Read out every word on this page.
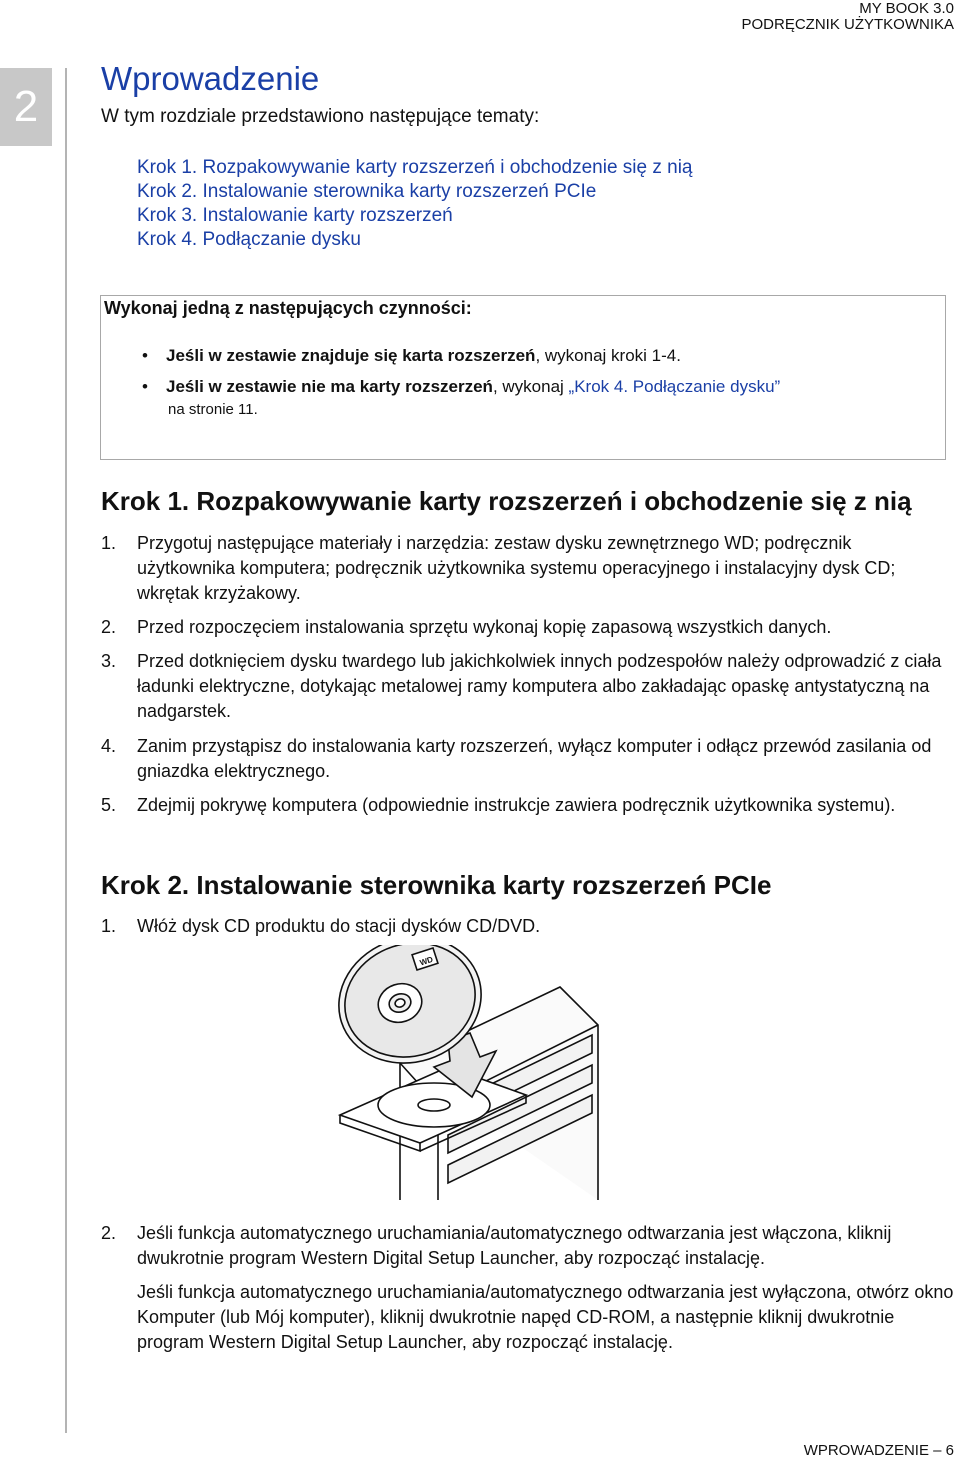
MY BOOK 3.0
PODRĘCZNIK UŻYTKOWNIKA
2
Wprowadzenie
W tym rozdziale przedstawiono następujące tematy:
Krok 1. Rozpakowywanie karty rozszerzeń i obchodzenie się z nią
Krok 2. Instalowanie sterownika karty rozszerzeń PCIe
Krok 3. Instalowanie karty rozszerzeń
Krok 4. Podłączanie dysku
Wykonaj jedną z następujących czynności:
• Jeśli w zestawie znajduje się karta rozszerzeń, wykonaj kroki 1-4.
• Jeśli w zestawie nie ma karty rozszerzeń, wykonaj „Krok 4. Podłączanie dysku”
na stronie 11.
Krok 1. Rozpakowywanie karty rozszerzeń i obchodzenie się z nią
1. Przygotuj następujące materiały i narzędzia: zestaw dysku zewnętrznego WD; podręcznik użytkownika komputera; podręcznik użytkownika systemu operacyjnego i instalacyjny dysk CD; wkrętak krzyżakowy.
2. Przed rozpoczęciem instalowania sprzętu wykonaj kopię zapasową wszystkich danych.
3. Przed dotknięciem dysku twardego lub jakichkolwiek innych podzespołów należy odprowadzić z ciała ładunki elektryczne, dotykając metalowej ramy komputera albo zakładając opaskę antystatyczną na nadgarstek.
4. Zanim przystąpisz do instalowania karty rozszerzeń, wyłącz komputer i odłącz przewód zasilania od gniazdka elektrycznego.
5. Zdejmij pokrywę komputera (odpowiednie instrukcje zawiera podręcznik użytkownika systemu).
Krok 2. Instalowanie sterownika karty rozszerzeń PCIe
1. Włóż dysk CD produktu do stacji dysków CD/DVD.
WD
2. Jeśli funkcja automatycznego uruchamiania/automatycznego odtwarzania jest włączona, kliknij dwukrotnie program Western Digital Setup Launcher, aby rozpocząć instalację.
Jeśli funkcja automatycznego uruchamiania/automatycznego odtwarzania jest wyłączona, otwórz okno Komputer (lub Mój komputer), kliknij dwukrotnie napęd CD-ROM, a następnie kliknij dwukrotnie program Western Digital Setup Launcher, aby rozpocząć instalację.
WPROWADZENIE – 6
